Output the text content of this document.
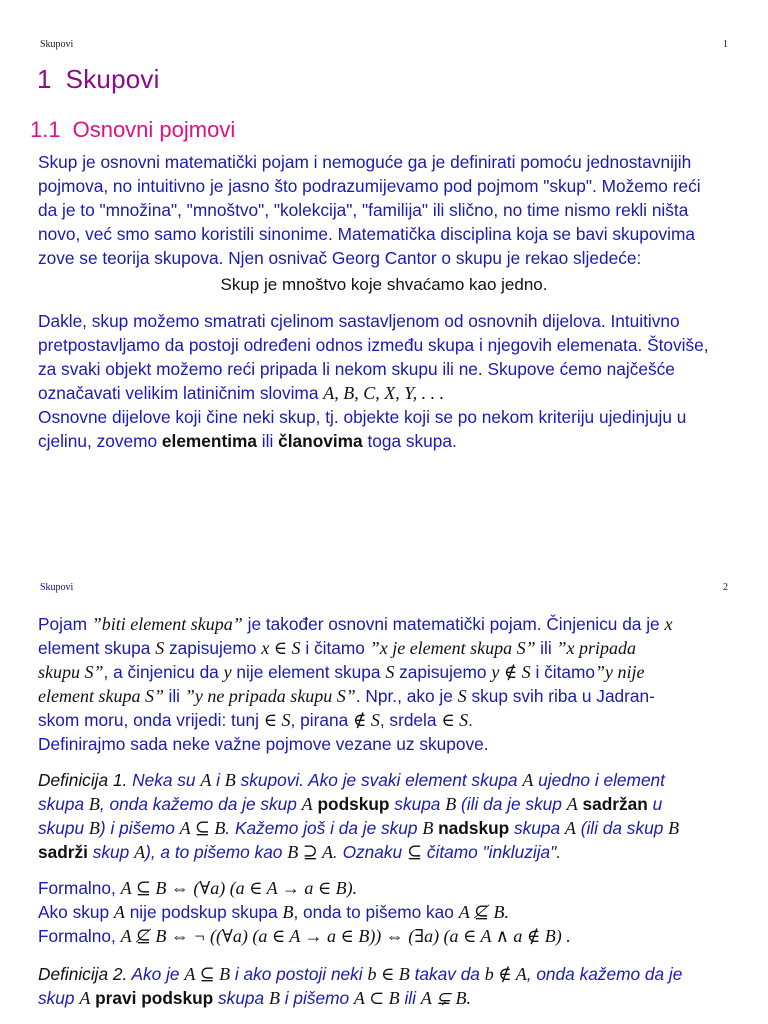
Skupovi	1
1 Skupovi
1.1 Osnovni pojmovi
Skup je osnovni matematički pojam i nemoguće ga je definirati pomoću jednostavnijih
pojmova, no intuitivno je jasno što podrazumijevamo pod pojmom "skup". Možemo reći
da je to "množina", "mnoštvo", "kolekcija", "familija" ili slično, no time nismo rekli ništa
novo, već smo samo koristili sinonime. Matematička disciplina koja se bavi skupovima
zove se teorija skupova. Njen osnivač Georg Cantor o skupu je rekao sljedeće:
Skup je mnoštvo koje shvaćamo kao jedno.
Dakle, skup možemo smatrati cjelinom sastavljenom od osnovnih dijelova. Intuitivno
pretpostavljamo da postoji određeni odnos između skupa i njegovih elemenata. Štoviše,
za svaki objekt možemo reći pripada li nekom skupu ili ne. Skupove ćemo najčešće
označavati velikim latiničnim slovima A, B, C, X, Y, . . .
Osnovne dijelove koji čine neki skup, tj. objekte koji se po nekom kriteriju ujedinjuju u
cjelinu, zovemo elementima ili članovima toga skupa.
Skupovi	2
Pojam ”biti element skupa” je također osnovni matematički pojam. Činjenicu da je x
element skupa S zapisujemo x ∈ S i čitamo ”x je element skupa S” ili ”x pripada
skupu S”, a činjenicu da y nije element skupa S zapisujemo y ∉ S i čitamo”y nije
element skupa S” ili ”y ne pripada skupu S”. Npr., ako je S skup svih riba u Jadran-
skom moru, onda vrijedi: tunj ∈ S, pirana ∉ S, srdela ∈ S.
Definirajmo sada neke važne pojmove vezane uz skupove.
Definicija 1. Neka su A i B skupovi. Ako je svaki element skupa A ujedno i element
skupa B, onda kažemo da je skup A podskup skupa B (ili da je skup A sadržan u
skupu B) i pišemo A ⊆ B. Kažemo još i da je skup B nadskup skupa A (ili da skup B
sadrži skup A), a to pišemo kao B ⊇ A. Oznaku ⊆ čitamo "inkluzija".
Formalno, A ⊆ B ⇔ (∀a) (a ∈ A → a ∈ B).
Ako skup A nije podskup skupa B, onda to pišemo kao A ⊈ B.
Formalno, A ⊈ B ⇔ ¬ ((∀a) (a ∈ A → a ∈ B)) ⇔ (∃a) (a ∈ A ∧ a ∉ B) .
Definicija 2. Ako je A ⊆ B i ako postoji neki b ∈ B takav da b ∉ A, onda kažemo da je
skup A pravi podskup skupa B i pišemo A ⊂ B ili A ⊊ B.
